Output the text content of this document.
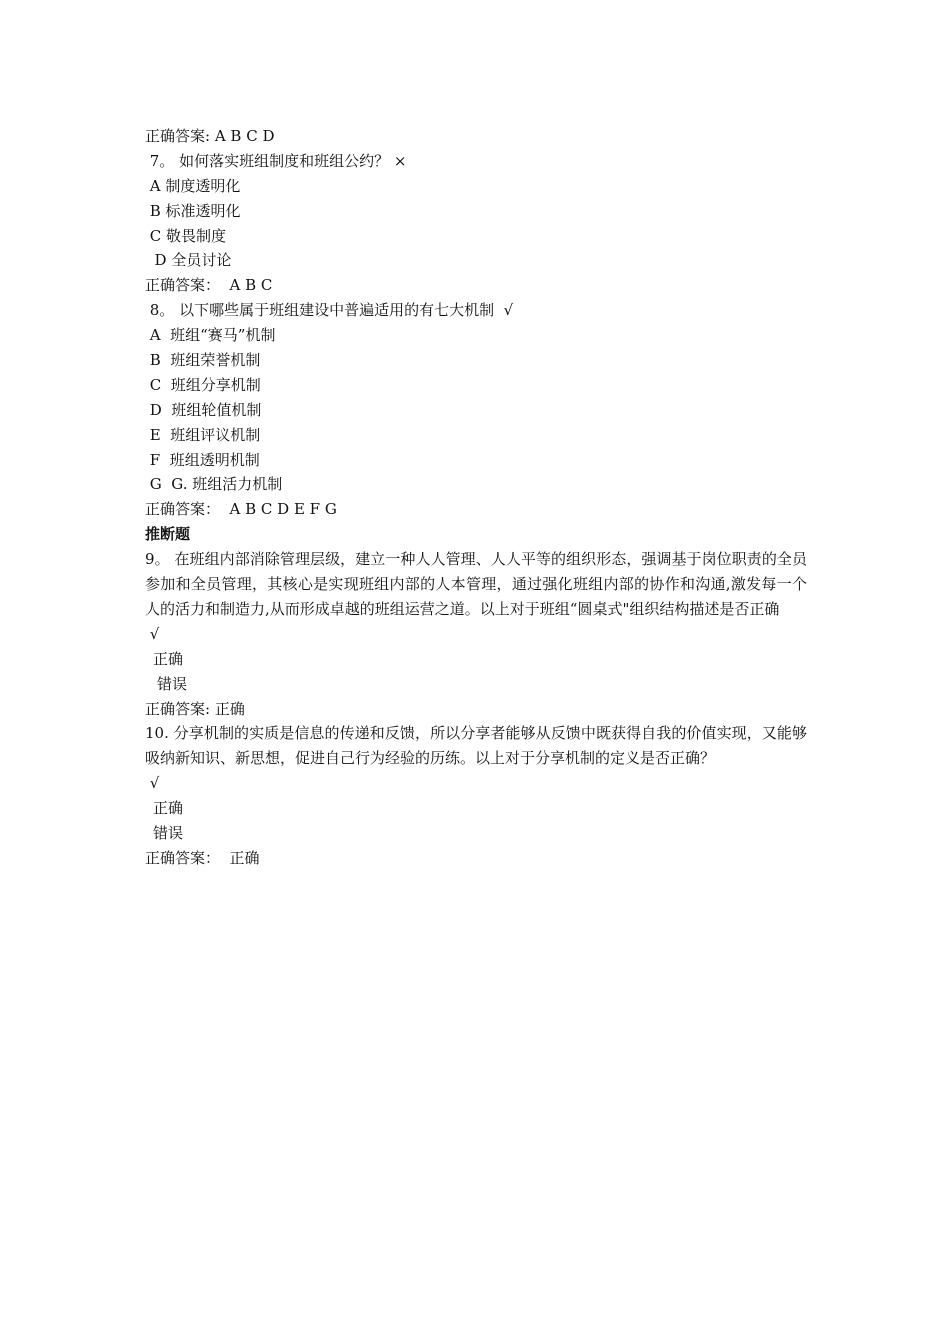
正确答案: A B C D
7。 如何落实班组制度和班组公约？ ×
A 制度透明化
B 标准透明化
C 敬畏制度
D 全员讨论
正确答案：  A B C
8。 以下哪些属于班组建设中普遍适用的有七大机制  √
A  班组“赛马”机制
B  班组荣誉机制
C  班组分享机制
D  班组轮值机制
E  班组评议机制
F  班组透明机制
G  G. 班组活力机制
正确答案：  A B C D E F G
推断题
9。 在班组内部消除管理层级，建立一种人人管理、人人平等的组织形态，强调基于岗位职责的全员参加和全员管理，其核心是实现班组内部的人本管理，通过强化班组内部的协作和沟通,激发每一个人的活力和制造力,从而形成卓越的班组运营之道。以上对于班组“圆桌式"组织结构描述是否正确
√
正确
错误
正确答案: 正确
10. 分享机制的实质是信息的传递和反馈，所以分享者能够从反馈中既获得自我的价值实现，又能够吸纳新知识、新思想，促进自己行为经验的历练。以上对于分享机制的定义是否正确？
√
正确
错误
正确答案：  正确
